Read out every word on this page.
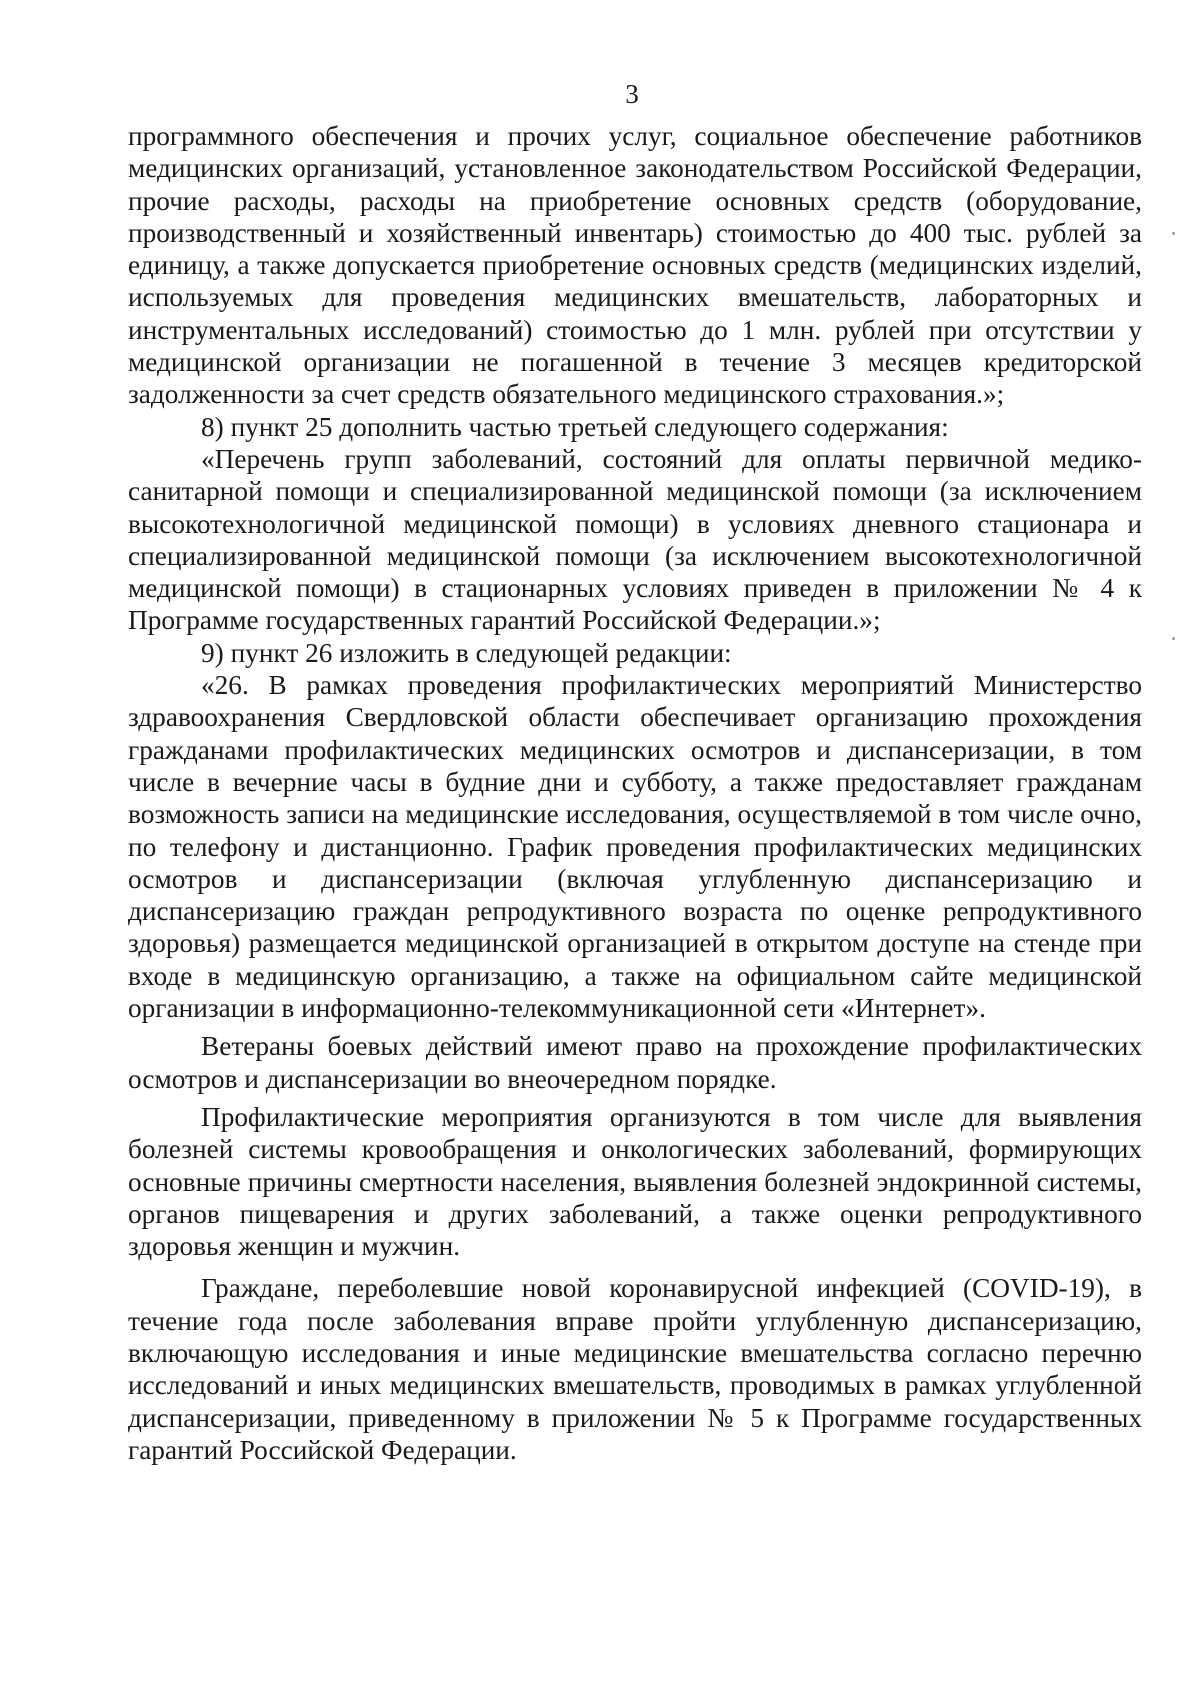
3

программного обеспечения и прочих услуг, социальное обеспечение работников медицинских организаций, установленное законодательством Российской Федерации, прочие расходы, расходы на приобретение основных средств (оборудование, производственный и хозяйственный инвентарь) стоимостью до 400 тыс. рублей за единицу, а также допускается приобретение основных средств (медицинских изделий, используемых для проведения медицинских вмешательств, лабораторных и инструментальных исследований) стоимостью до 1 млн. рублей при отсутствии у медицинской организации не погашенной в течение 3 месяцев кредиторской задолженности за счет средств обязательного медицинского страхования.»;

8) пункт 25 дополнить частью третьей следующего содержания:

«Перечень групп заболеваний, состояний для оплаты первичной медико-санитарной помощи и специализированной медицинской помощи (за исключением высокотехнологичной медицинской помощи) в условиях дневного стационара и специализированной медицинской помощи (за исключением высокотехнологичной медицинской помощи) в стационарных условиях приведен в приложении № 4 к Программе государственных гарантий Российской Федерации.»;

9) пункт 26 изложить в следующей редакции:

«26. В рамках проведения профилактических мероприятий Министерство здравоохранения Свердловской области обеспечивает организацию прохождения гражданами профилактических медицинских осмотров и диспансеризации, в том числе в вечерние часы в будние дни и субботу, а также предоставляет гражданам возможность записи на медицинские исследования, осуществляемой в том числе очно, по телефону и дистанционно. График проведения профилактических медицинских осмотров и диспансеризации (включая углубленную диспансеризацию и диспансеризацию граждан репродуктивного возраста по оценке репродуктивного здоровья) размещается медицинской организацией в открытом доступе на стенде при входе в медицинскую организацию, а также на официальном сайте медицинской организации в информационно-телекоммуникационной сети «Интернет».

Ветераны боевых действий имеют право на прохождение профилактических осмотров и диспансеризации во внеочередном порядке.

Профилактические мероприятия организуются в том числе для выявления болезней системы кровообращения и онкологических заболеваний, формирующих основные причины смертности населения, выявления болезней эндокринной системы, органов пищеварения и других заболеваний, а также оценки репродуктивного здоровья женщин и мужчин.

Граждане, переболевшие новой коронавирусной инфекцией (COVID-19), в течение года после заболевания вправе пройти углубленную диспансеризацию, включающую исследования и иные медицинские вмешательства согласно перечню исследований и иных медицинских вмешательств, проводимых в рамках углубленной диспансеризации, приведенному в приложении № 5 к Программе государственных гарантий Российской Федерации.
